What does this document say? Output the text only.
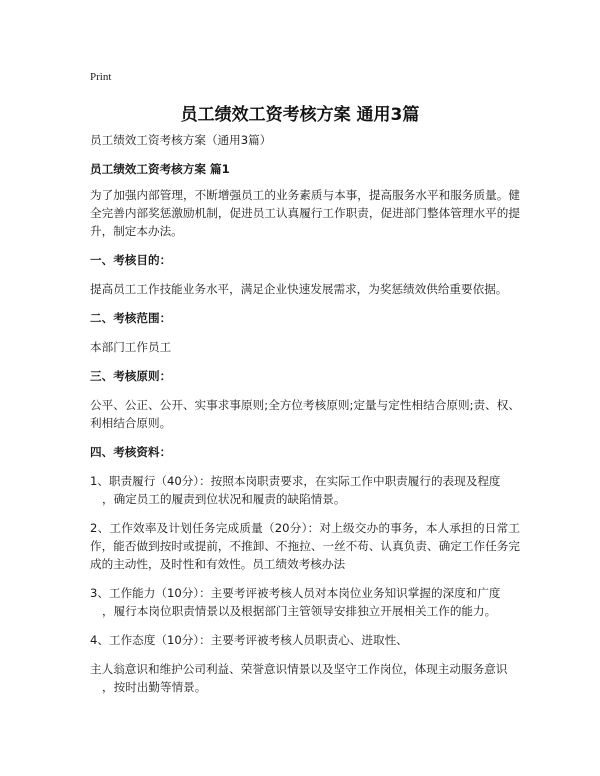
Print
员工绩效工资考核方案 通用3篇

员工绩效工资考核方案（通用3篇）

员工绩效工资考核方案 篇1

为了加强内部管理，不断增强员工的业务素质与本事，提高服务水平和服务质量。健全完善内部奖惩激励机制，促进员工认真履行工作职责，促进部门整体管理水平的提升，制定本办法。

一、考核目的：

提高员工工作技能业务水平，满足企业快速发展需求，为奖惩绩效供给重要依据。

二、考核范围：

本部门工作员工

三、考核原则：

公平、公正、公开、实事求事原则;全方位考核原则;定量与定性相结合原则;责、权、利相结合原则。

四、考核资料：

1、职责履行（40分）：按照本岗职责要求，在实际工作中职责履行的表现及程度
，确定员工的履责到位状况和履责的缺陷情景。

2、工作效率及计划任务完成质量（20分）：对上级交办的事务，本人承担的日常工作，能否做到按时或提前，不推卸、不拖拉、一丝不苟、认真负责、确定工作任务完成的主动性，及时性和有效性。员工绩效考核办法

3、工作能力（10分）：主要考评被考核人员对本岗位业务知识掌握的深度和广度
，履行本岗位职责情景以及根据部门主管领导安排独立开展相关工作的能力。

4、工作态度（10分）：主要考评被考核人员职责心、进取性、

主人翁意识和维护公司利益、荣誉意识情景以及坚守工作岗位，体现主动服务意识
，按时出勤等情景。
